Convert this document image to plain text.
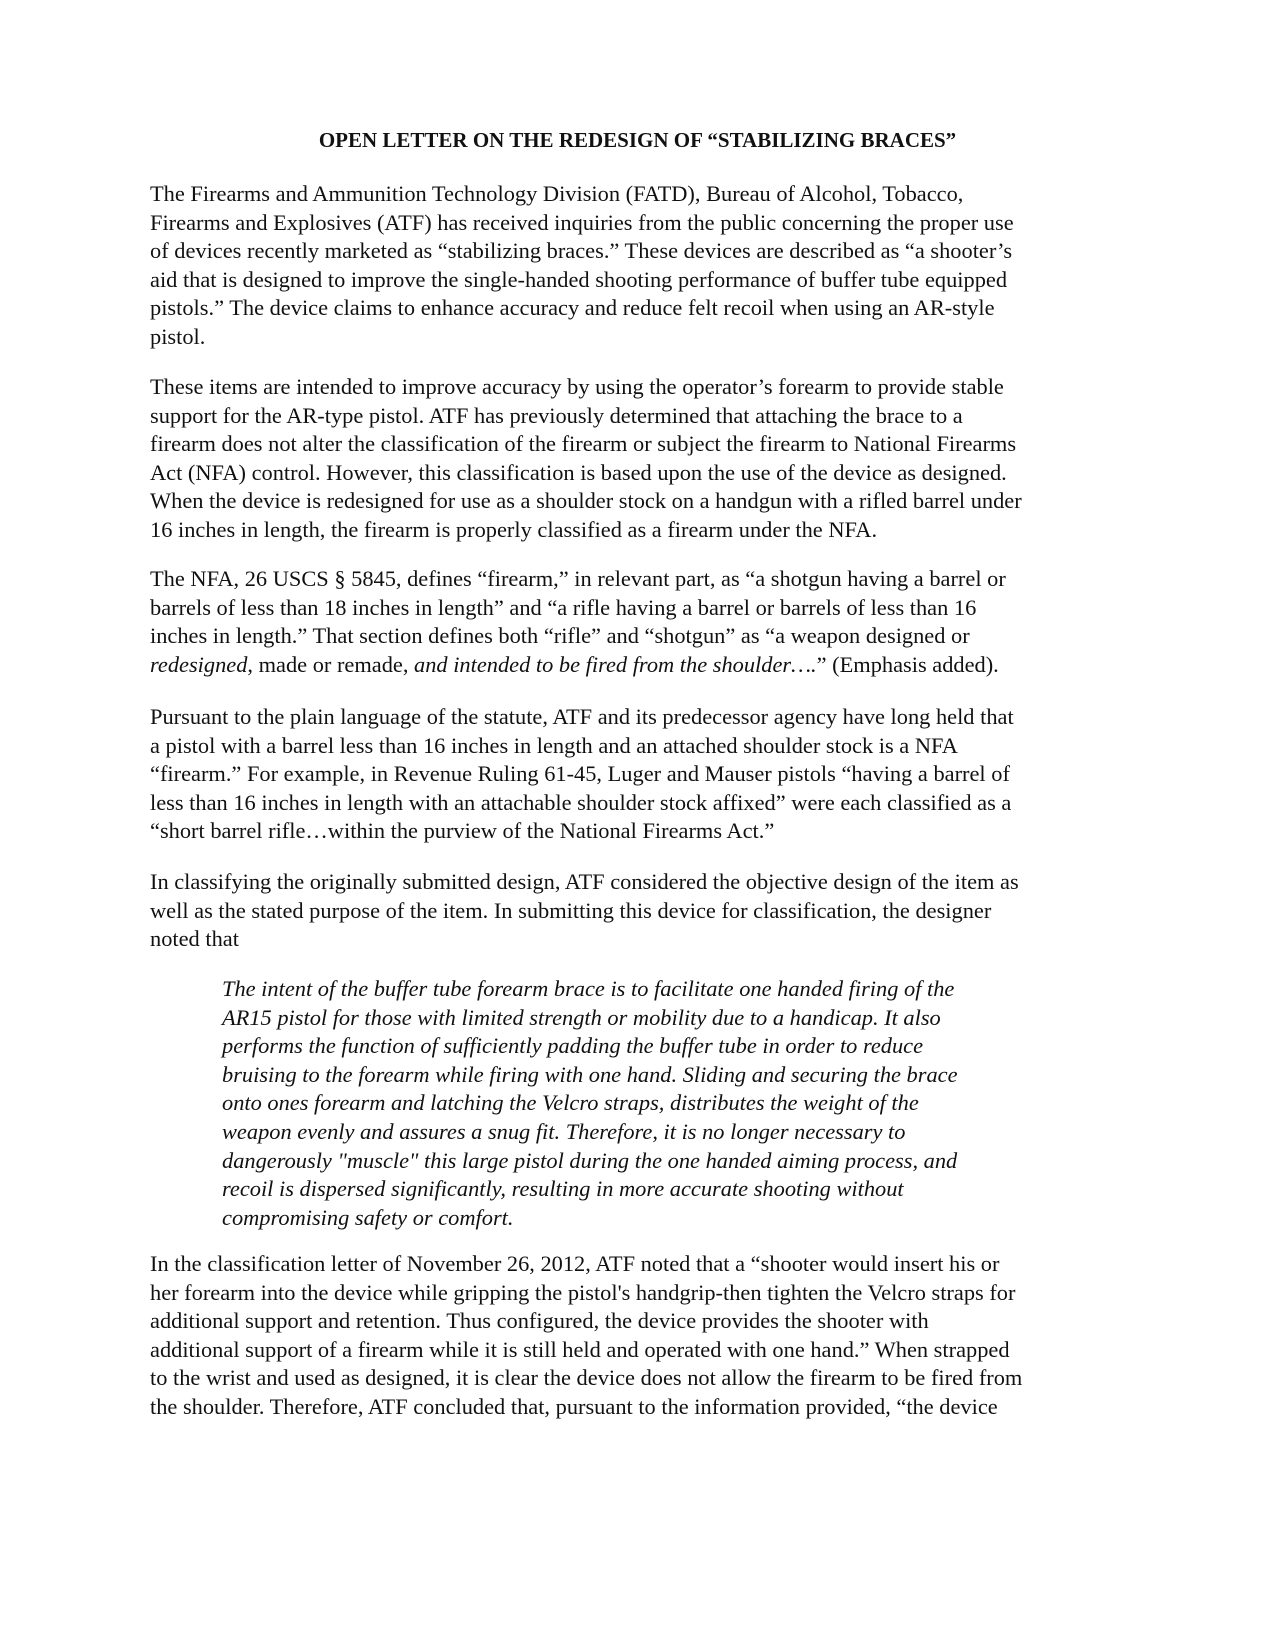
OPEN LETTER ON THE REDESIGN OF “STABILIZING BRACES”
The Firearms and Ammunition Technology Division (FATD), Bureau of Alcohol, Tobacco,
Firearms and Explosives (ATF) has received inquiries from the public concerning the proper use
of devices recently marketed as “stabilizing braces.” These devices are described as “a shooter’s
aid that is designed to improve the single-handed shooting performance of buffer tube equipped
pistols.” The device claims to enhance accuracy and reduce felt recoil when using an AR-style
pistol.
These items are intended to improve accuracy by using the operator’s forearm to provide stable
support for the AR-type pistol. ATF has previously determined that attaching the brace to a
firearm does not alter the classification of the firearm or subject the firearm to National Firearms
Act (NFA) control. However, this classification is based upon the use of the device as designed.
When the device is redesigned for use as a shoulder stock on a handgun with a rifled barrel under
16 inches in length, the firearm is properly classified as a firearm under the NFA.
The NFA, 26 USCS § 5845, defines “firearm,” in relevant part, as “a shotgun having a barrel or
barrels of less than 18 inches in length” and “a rifle having a barrel or barrels of less than 16
inches in length.” That section defines both “rifle” and “shotgun” as “a weapon designed or
redesigned, made or remade, and intended to be fired from the shoulder….” (Emphasis added).
Pursuant to the plain language of the statute, ATF and its predecessor agency have long held that
a pistol with a barrel less than 16 inches in length and an attached shoulder stock is a NFA
“firearm.” For example, in Revenue Ruling 61-45, Luger and Mauser pistols “having a barrel of
less than 16 inches in length with an attachable shoulder stock affixed” were each classified as a
“short barrel rifle…within the purview of the National Firearms Act.”
In classifying the originally submitted design, ATF considered the objective design of the item as
well as the stated purpose of the item. In submitting this device for classification, the designer
noted that
The intent of the buffer tube forearm brace is to facilitate one handed firing of the
AR15 pistol for those with limited strength or mobility due to a handicap. It also
performs the function of sufficiently padding the buffer tube in order to reduce
bruising to the forearm while firing with one hand. Sliding and securing the brace
onto ones forearm and latching the Velcro straps, distributes the weight of the
weapon evenly and assures a snug fit. Therefore, it is no longer necessary to
dangerously "muscle" this large pistol during the one handed aiming process, and
recoil is dispersed significantly, resulting in more accurate shooting without
compromising safety or comfort.
In the classification letter of November 26, 2012, ATF noted that a “shooter would insert his or
her forearm into the device while gripping the pistol's handgrip-then tighten the Velcro straps for
additional support and retention. Thus configured, the device provides the shooter with
additional support of a firearm while it is still held and operated with one hand.” When strapped
to the wrist and used as designed, it is clear the device does not allow the firearm to be fired from
the shoulder. Therefore, ATF concluded that, pursuant to the information provided, “the device
